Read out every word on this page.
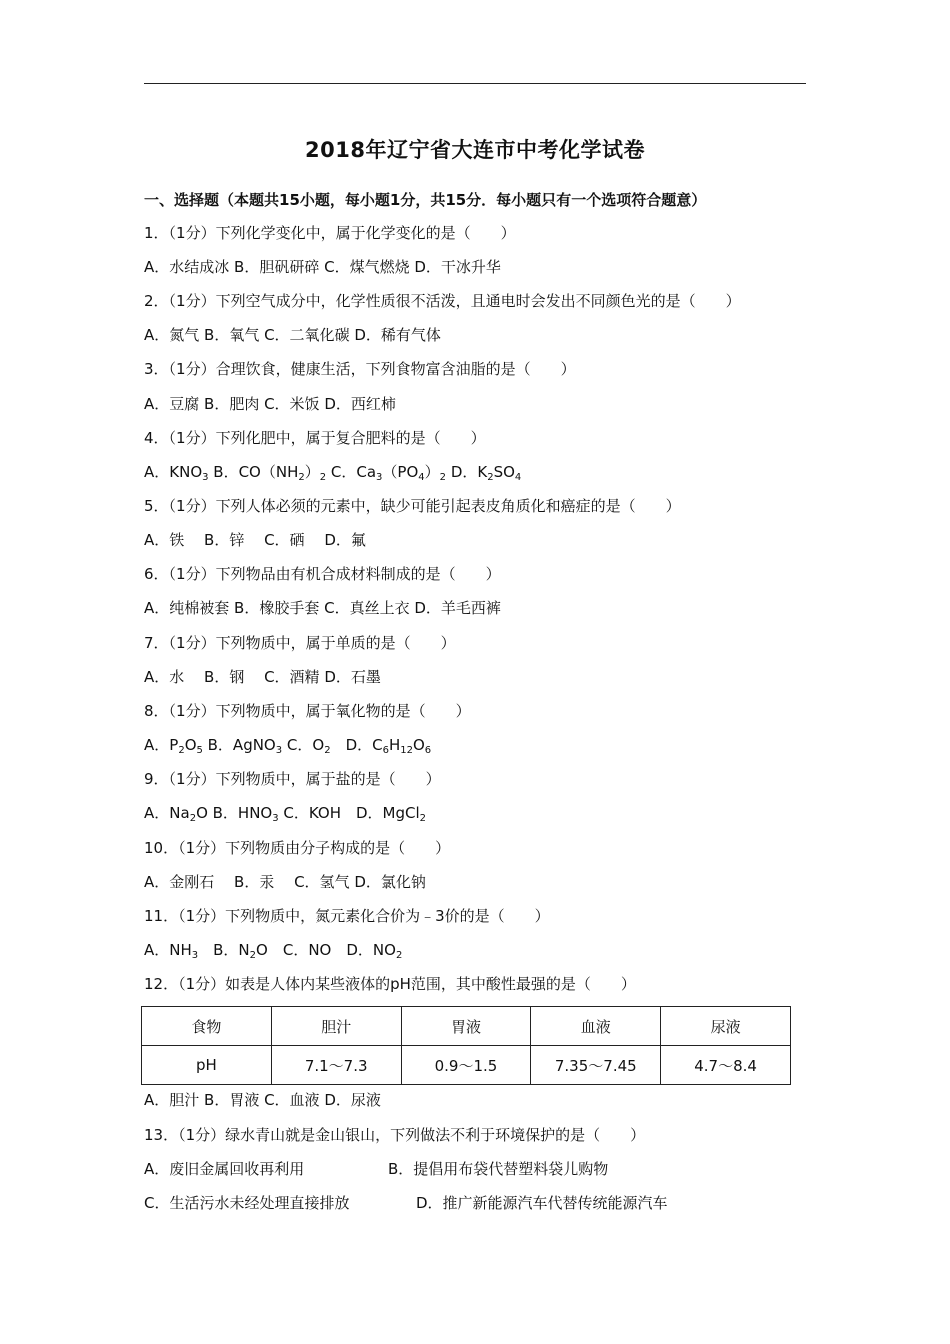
2018年辽宁省大连市中考化学试卷
一、选择题（本题共15小题，每小题1分，共15分．每小题只有一个选项符合题意）
1．（1分）下列化学变化中，属于化学变化的是（　　）
A．水结成冰 B．胆矾研碎 C．煤气燃烧 D．干冰升华
2．（1分）下列空气成分中，化学性质很不活泼，且通电时会发出不同颜色光的是（　　）
A．氮气 B．氧气 C．二氧化碳 D．稀有气体
3．（1分）合理饮食，健康生活，下列食物富含油脂的是（　　）
A．豆腐 B．肥肉 C．米饭 D．西红柿
4．（1分）下列化肥中，属于复合肥料的是（　　）
A．$KNO_3$ B．$CO(NH_2)_2$ C．$Ca_3(PO_4)_2$ D．$K_2SO_4$
5．（1分）下列人体必须的元素中，缺少可能引起表皮角质化和癌症的是（　　）
A．铁　 B．锌　 C．硒　 D．氟
6．（1分）下列物品由有机合成材料制成的是（　　）
A．纯棉被套 B．橡胶手套 C．真丝上衣 D．羊毛西裤
7．（1分）下列物质中，属于单质的是（　　）
A．水　 B．钢　 C．酒精 D．石墨
8．（1分）下列物质中，属于氧化物的是（　　）
A．$P_2O_5$ B．AgNO$_3$ C．$O_2$　D．$C_6H_{12}O_6$
9．（1分）下列物质中，属于盐的是（　　）
A．$Na_2O$ B．$HNO_3$ C．KOH　D．MgCl$_2$
10．（1分）下列物质由分子构成的是（　　）
A．金刚石　 B．汞　 C．氢气 D．氯化钠
11．（1分）下列物质中，氮元素化合价为﹣3价的是（　　）
A．$NH_3$　B．$N_2O$　C．NO　D．$NO_2$
12．（1分）如表是人体内某些液体的pH范围，其中酸性最强的是（　　）
食物	胆汁	胃液	血液	尿液
pH	7.1～7.3	0.9～1.5	7.35～7.45	4.7～8.4
A．胆汁 B．胃液 C．血液 D．尿液
13．（1分）绿水青山就是金山银山，下列做法不利于环境保护的是（　　）
A．废旧金属回收再利用	B．提倡用布袋代替塑料袋儿购物
C．生活污水未经处理直接排放	D．推广新能源汽车代替传统能源汽车
